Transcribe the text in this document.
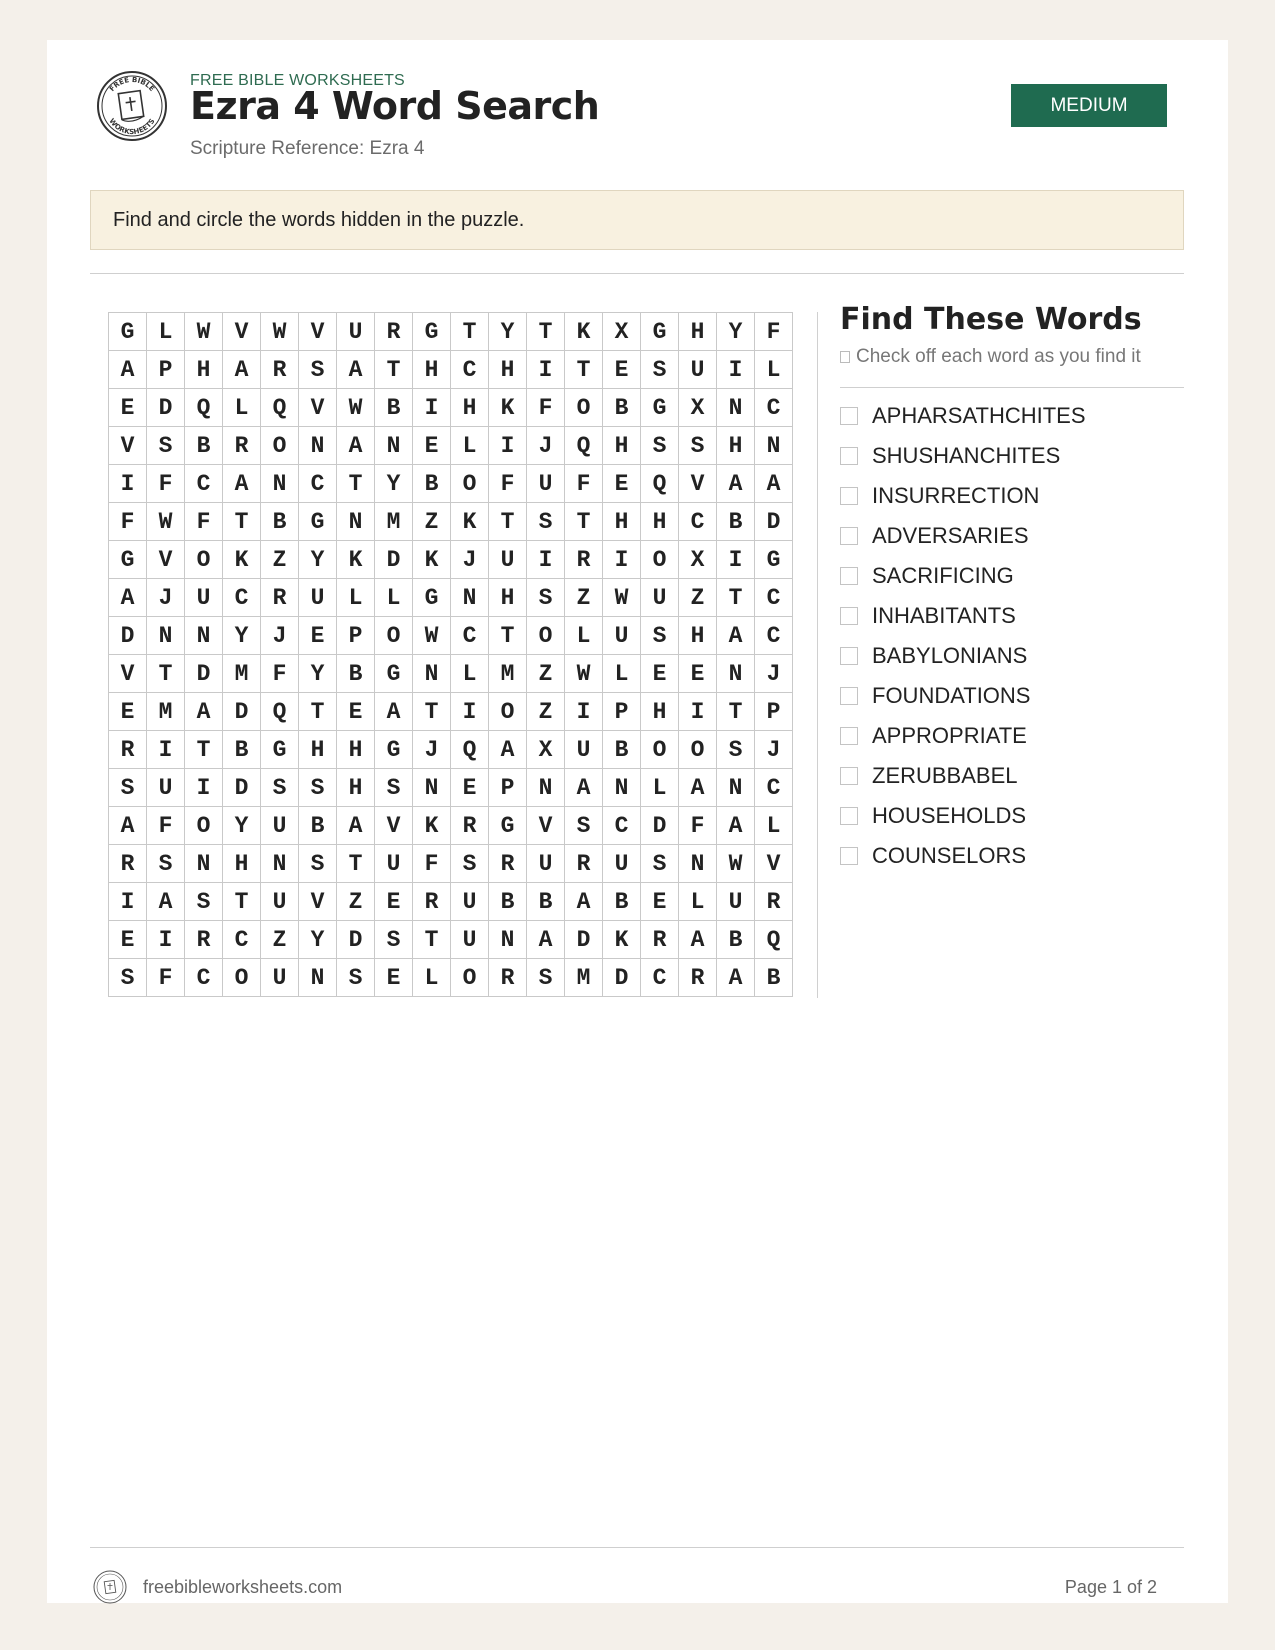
FREE BIBLE
WORKSHEETS
FREE BIBLE WORKSHEETS
Ezra 4 Word Search
Scripture Reference: Ezra 4
MEDIUM
Find and circle the words hidden in the puzzle.
G	L	W	V	W	V	U	R	G	T	Y	T	K	X	G	H	Y	F
A	P	H	A	R	S	A	T	H	C	H	I	T	E	S	U	I	L
E	D	Q	L	Q	V	W	B	I	H	K	F	O	B	G	X	N	C
V	S	B	R	O	N	A	N	E	L	I	J	Q	H	S	S	H	N
I	F	C	A	N	C	T	Y	B	O	F	U	F	E	Q	V	A	A
F	W	F	T	B	G	N	M	Z	K	T	S	T	H	H	C	B	D
G	V	O	K	Z	Y	K	D	K	J	U	I	R	I	O	X	I	G
A	J	U	C	R	U	L	L	G	N	H	S	Z	W	U	Z	T	C
D	N	N	Y	J	E	P	O	W	C	T	O	L	U	S	H	A	C
V	T	D	M	F	Y	B	G	N	L	M	Z	W	L	E	E	N	J
E	M	A	D	Q	T	E	A	T	I	O	Z	I	P	H	I	T	P
R	I	T	B	G	H	H	G	J	Q	A	X	U	B	O	O	S	J
S	U	I	D	S	S	H	S	N	E	P	N	A	N	L	A	N	C
A	F	O	Y	U	B	A	V	K	R	G	V	S	C	D	F	A	L
R	S	N	H	N	S	T	U	F	S	R	U	R	U	S	N	W	V
I	A	S	T	U	V	Z	E	R	U	B	B	A	B	E	L	U	R
E	I	R	C	Z	Y	D	S	T	U	N	A	D	K	R	A	B	Q
S	F	C	O	U	N	S	E	L	O	R	S	M	D	C	R	A	B
Find These Words
Check off each word as you find it
APHARSATHCHITES
SHUSHANCHITES
INSURRECTION
ADVERSARIES
SACRIFICING
INHABITANTS
BABYLONIANS
FOUNDATIONS
APPROPRIATE
ZERUBBABEL
HOUSEHOLDS
COUNSELORS
freebibleworksheets.com	Page 1 of 2
